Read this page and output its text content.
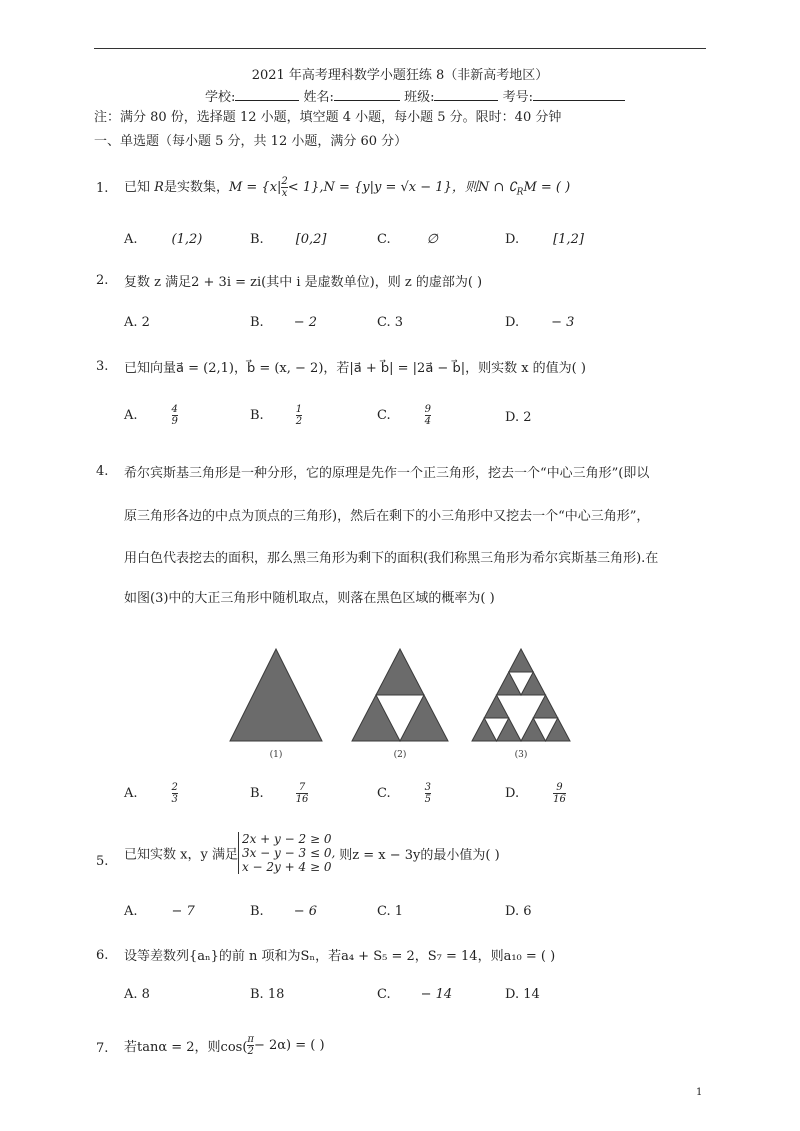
2021 年高考理科数学小题狂练 8（非新高考地区）
学校:	姓名:	班级:	考号:
注：满分 80 份，选择题 12 小题，填空题 4 小题，每小题 5 分。限时：40 分钟
一、单选题（每小题 5 分，共 12 小题，满分 60 分）
1. 已知 R是实数集，$M = \{x| \frac{2}{x} < 1\},N = \{y|y = √x - 1\}$，则N ∩ $∁_RM$ = ( )
A.	(1,2)	B. [0,2]	C.	∅	D.	[1,2]
2. 复数 z 满足2 + 3i = zi(其中 i 是虚数单位)，则 z 的虚部为( )
A. 2	B. − 2	C. 3	D. − 3
3. 已知向量a⃗ = (2,1)，b⃗ = (x, − 2)，若|a⃗ + b⃗| = |2a⃗ − b⃗|，则实数 x 的值为( )
A.	$\frac{4}{9}$	B.	$\frac{1}{2}$	C.	$\frac{9}{4}$	D. 2
4. 希尔宾斯基三角形是一种分形，它的原理是先作一个正三角形，挖去一个“中心三角形”(即以
原三角形各边的中点为顶点的三角形)，然后在剩下的小三角形中又挖去一个“中心三角形”，
用白色代表挖去的面积，那么黑三角形为剩下的面积(我们称黑三角形为希尔宾斯基三角形).在
如图(3)中的大正三角形中随机取点，则落在黑色区域的概率为( )
(1)	(2)	(3)
A.	$\frac{2}{3}$	B.	$\frac{7}{16}$	C.	$\frac{3}{5}$	D.	$\frac{9}{16}$
5. 已知实数 x，y 满足
2x + y − 2 ≥ 0
3x − y − 3 ≤ 0,
x − 2y + 4 ≥ 0
则z = x − 3y的最小值为( )
A.	− 7	B. − 6	C. 1	D. 6
6. 设等差数列{aₙ}的前 n 项和为Sₙ，若a₄ + S₅ = 2，S₇ = 14，则a₁₀ = ( )
A. 8	B. 18	C. − 14	D. 14
7. 若tanα = 2，则$\cos( \frac{\pi}{2} - 2\alpha)$ = ( )
1
